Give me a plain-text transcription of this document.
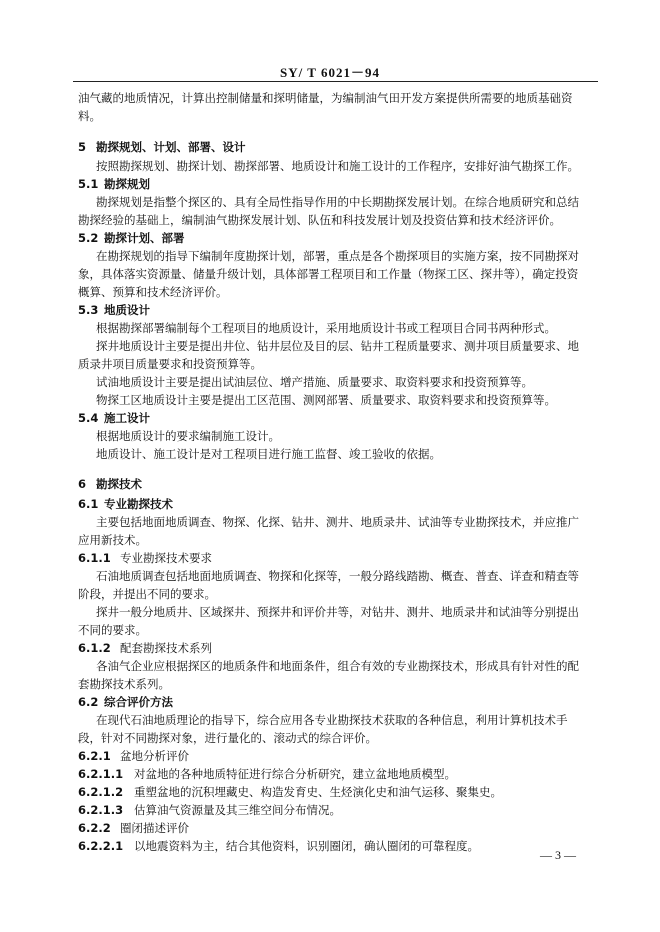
SY/ T 6021－94
油气藏的地质情况，计算出控制储量和探明储量，为编制油气田开发方案提供所需要的地质基础资
料。
5 勘探规划、计划、部署、设计
按照勘探规划、勘探计划、勘探部署、地质设计和施工设计的工作程序，安排好油气勘探工作。
5.1 勘探规划
勘探规划是指整个探区的、具有全局性指导作用的中长期勘探发展计划。在综合地质研究和总结
勘探经验的基础上，编制油气勘探发展计划、队伍和科技发展计划及投资估算和技术经济评价。
5.2 勘探计划、部署
在勘探规划的指导下编制年度勘探计划，部署，重点是各个勘探项目的实施方案，按不同勘探对
象，具体落实资源量、储量升级计划，具体部署工程项目和工作量（物探工区、探井等），确定投资
概算、预算和技术经济评价。
5.3 地质设计
根据勘探部署编制每个工程项目的地质设计，采用地质设计书或工程项目合同书两种形式。
探井地质设计主要是提出井位、钻井层位及目的层、钻井工程质量要求、测井项目质量要求、地
质录井项目质量要求和投资预算等。
试油地质设计主要是提出试油层位、增产措施、质量要求、取资料要求和投资预算等。
物探工区地质设计主要是提出工区范围、测网部署、质量要求、取资料要求和投资预算等。
5.4 施工设计
根据地质设计的要求编制施工设计。
地质设计、施工设计是对工程项目进行施工监督、竣工验收的依据。
6 勘探技术
6.1 专业勘探技术
主要包括地面地质调查、物探、化探、钻井、测井、地质录井、试油等专业勘探技术，并应推广
应用新技术。
6.1.1 专业勘探技术要求
石油地质调查包括地面地质调查、物探和化探等，一般分路线踏勘、概查、普查、详查和精查等
阶段，并提出不同的要求。
探井一般分地质井、区域探井、预探井和评价井等，对钻井、测井、地质录井和试油等分别提出
不同的要求。
6.1.2 配套勘探技术系列
各油气企业应根据探区的地质条件和地面条件，组合有效的专业勘探技术，形成具有针对性的配
套勘探技术系列。
6.2 综合评价方法
在现代石油地质理论的指导下，综合应用各专业勘探技术获取的各种信息，利用计算机技术手
段，针对不同勘探对象，进行量化的、滚动式的综合评价。
6.2.1 盆地分析评价
6.2.1.1 对盆地的各种地质特征进行综合分析研究，建立盆地地质模型。
6.2.1.2 重塑盆地的沉积埋藏史、构造发育史、生烃演化史和油气运移、聚集史。
6.2.1.3 估算油气资源量及其三维空间分布情况。
6.2.2 圈闭描述评价
6.2.2.1 以地震资料为主，结合其他资料，识别圈闭，确认圈闭的可靠程度。
— 3 —
